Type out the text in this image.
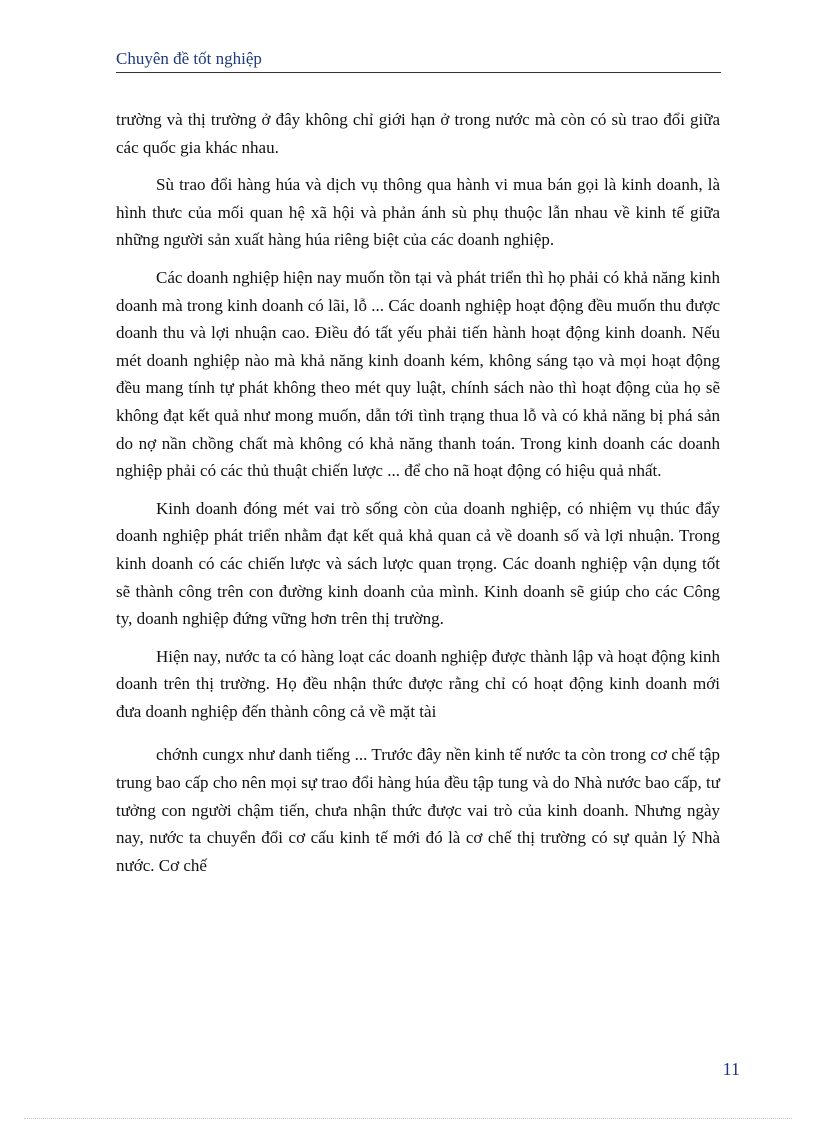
Chuyên đề tốt nghiệp

trường và thị trường ở đây không chỉ giới hạn ở trong nước mà còn có sù trao đổi giữa các quốc gia khác nhau.

Sù trao đổi hàng húa và dịch vụ thông qua hành vi mua bán gọi là kinh doanh, là hình thưc của mối quan hệ xã hội và phản ánh sù phụ thuộc lẫn nhau về kinh tế giữa những người sản xuất hàng húa riêng biệt của các doanh nghiệp.

Các doanh nghiệp hiện nay muốn tồn tại và phát triển thì họ phải có khả năng kinh doanh mà trong kinh doanh có lãi, lỗ ... Các doanh nghiệp hoạt động đều muốn thu được doanh thu và lợi nhuận cao. Điều đó tất yếu phải tiến hành hoạt động kinh doanh. Nếu mét doanh nghiệp nào mà khả năng kinh doanh kém, không sáng tạo và mọi hoạt động đều mang tính tự phát không theo mét quy luật, chính sách nào thì hoạt động của họ sẽ không đạt kết quả như mong muốn, dẫn tới tình trạng thua lỗ và có khả năng bị phá sản do nợ nần chồng chất mà không có khả năng thanh toán. Trong kinh doanh các doanh nghiệp phải có các thủ thuật chiến lược ... để cho nã hoạt động có hiệu quả nhất.

Kinh doanh đóng mét vai trò sống còn của doanh nghiệp, có nhiệm vụ thúc đẩy doanh nghiệp phát triển nhằm đạt kết quả khả quan cả về doanh số và lợi nhuận. Trong kinh doanh có các chiến lược và sách lược quan trọng. Các doanh nghiệp vận dụng tốt sẽ thành công trên con đường kinh doanh của mình. Kinh doanh sẽ giúp cho các Công ty, doanh nghiệp đứng vững hơn trên thị trường.

Hiện nay, nước ta có hàng loạt các doanh nghiệp được thành lập và hoạt động kinh doanh trên thị trường. Họ đều nhận thức được rằng chỉ có hoạt động kinh doanh mới đưa doanh nghiệp đến thành công cả về mặt tài

chớnh cungx như danh tiếng ... Trước đây nền kinh tế nước ta còn trong cơ chế tập trung bao cấp cho nên mọi sự trao đổi hàng húa đều tập tung và do Nhà nước bao cấp, tư tưởng con người chậm tiến, chưa nhận thức được vai trò của kinh doanh. Nhưng ngày nay, nước ta chuyển đổi cơ cấu kinh tế mới đó là cơ chế thị trường có sự quản lý Nhà nước. Cơ chế

11
